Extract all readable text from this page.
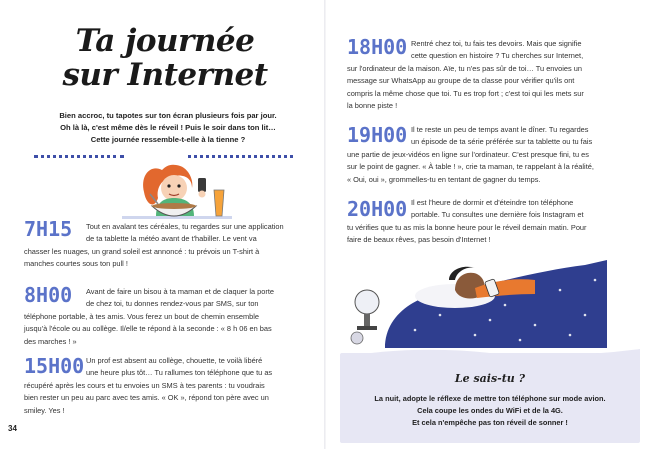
Ta journée
sur Internet
Bien accroc, tu tapotes sur ton écran plusieurs fois par jour.
Oh là là, c'est même dès le réveil ! Puis le soir dans ton lit…
Cette journée ressemble-t-elle à la tienne ?
7H15	Tout en avalant tes céréales, tu regardes sur une application
de ta tablette la météo avant de t'habiller. Le vent va
chasser les nuages, un grand soleil est annoncé : tu prévois un T-shirt à
manches courtes sous ton pull !
8H00	Avant de faire un bisou à ta maman et de claquer la porte
de chez toi, tu donnes rendez-vous par SMS, sur ton
téléphone portable, à tes amis. Vous ferez un bout de chemin ensemble
jusqu'à l'école ou au collège. Il/elle te répond à la seconde : « 8 h 06 en bas
des marches ! »
15H00 Un prof est absent au collège, chouette, te voilà libéré
une heure plus tôt… Tu rallumes ton téléphone que tu as
récupéré après les cours et tu envoies un SMS à tes parents : tu voudrais
bien rester un peu au parc avec tes amis. « OK », répond ton père avec un
smiley. Yes !
34
18H00 Rentré chez toi, tu fais tes devoirs. Mais que signifie
cette question en histoire ? Tu cherches sur Internet,
sur l'ordinateur de la maison. Aïe, tu n'es pas sûr de toi… Tu envoies un
message sur WhatsApp au groupe de ta classe pour vérifier qu'ils ont
compris la même chose que toi. Tu es trop fort ; c'est toi qui les mets sur
la bonne piste !
19H00 Il te reste un peu de temps avant le dîner. Tu regardes
un épisode de ta série préférée sur ta tablette ou tu fais
une partie de jeux-vidéos en ligne sur l'ordinateur. C'est presque fini, tu es
sur le point de gagner. « À table ! », crie ta maman, te rappelant à la réalité,
« Oui, oui », grommelles-tu en tentant de gagner du temps.
20H00 Il est l'heure de dormir et d'éteindre ton téléphone
portable. Tu consultes une dernière fois Instagram et
tu vérifies que tu as mis la bonne heure pour le réveil demain matin. Pour
faire de beaux rêves, pas besoin d'Internet !
Le sais-tu ?
La nuit, adopte le réflexe de mettre ton téléphone sur mode avion.
Cela coupe les ondes du WiFi et de la 4G.
Et cela n'empêche pas ton réveil de sonner !
